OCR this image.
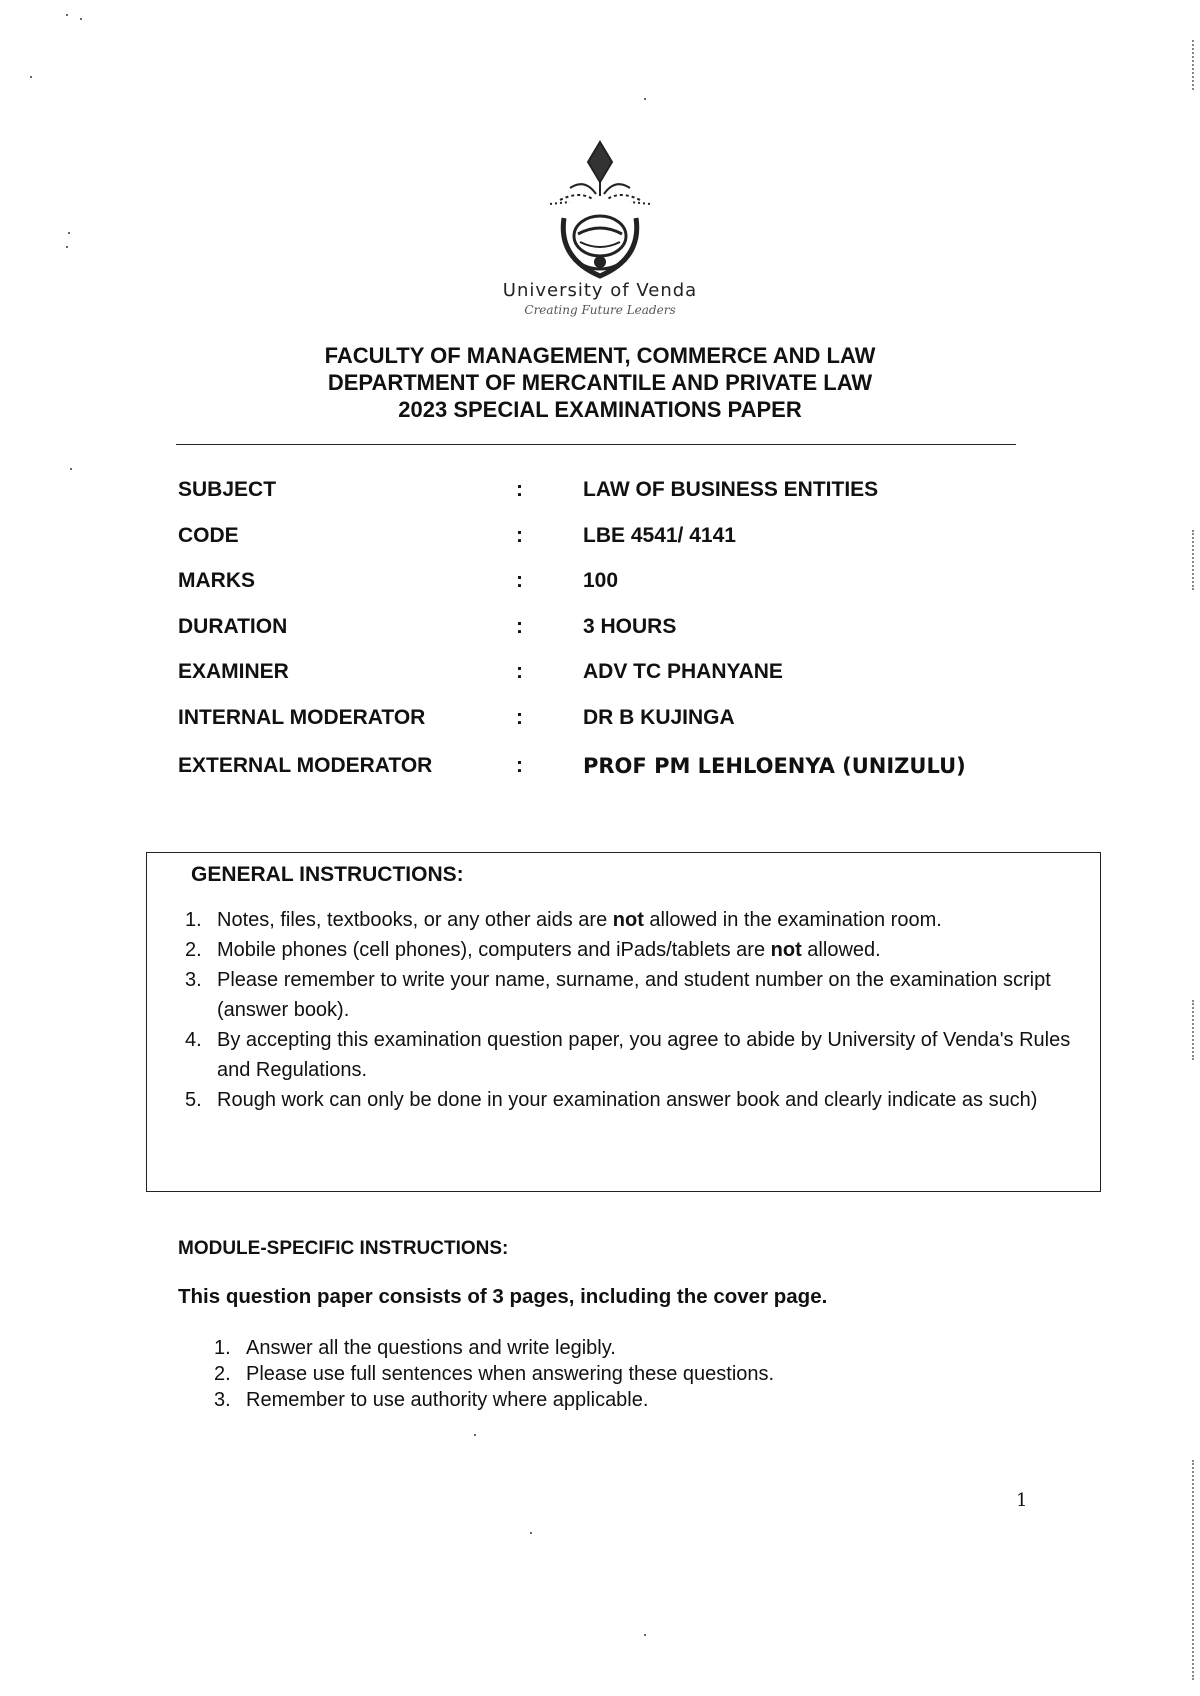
University of Venda
Creating Future Leaders
FACULTY OF MANAGEMENT, COMMERCE AND LAW
DEPARTMENT OF MERCANTILE AND PRIVATE LAW
2023 SPECIAL EXAMINATIONS PAPER
SUBJECT	:	LAW OF BUSINESS ENTITIES
CODE	:	LBE 4541/ 4141
MARKS	:	100
DURATION	:	3 HOURS
EXAMINER	:	ADV TC PHANYANE
INTERNAL MODERATOR	:	DR B KUJINGA
EXTERNAL MODERATOR	:	PROF PM LEHLOENYA (UNIZULU)
GENERAL INSTRUCTIONS:
1. Notes, files, textbooks, or any other aids are not allowed in the examination room.
2. Mobile phones (cell phones), computers and iPads/tablets are not allowed.
3. Please remember to write your name, surname, and student number on the examination script (answer book).
4. By accepting this examination question paper, you agree to abide by University of Venda's Rules and Regulations.
5. Rough work can only be done in your examination answer book and clearly indicate as such)
MODULE-SPECIFIC INSTRUCTIONS:
This question paper consists of 3 pages, including the cover page.
1. Answer all the questions and write legibly.
2. Please use full sentences when answering these questions.
3. Remember to use authority where applicable.
1
